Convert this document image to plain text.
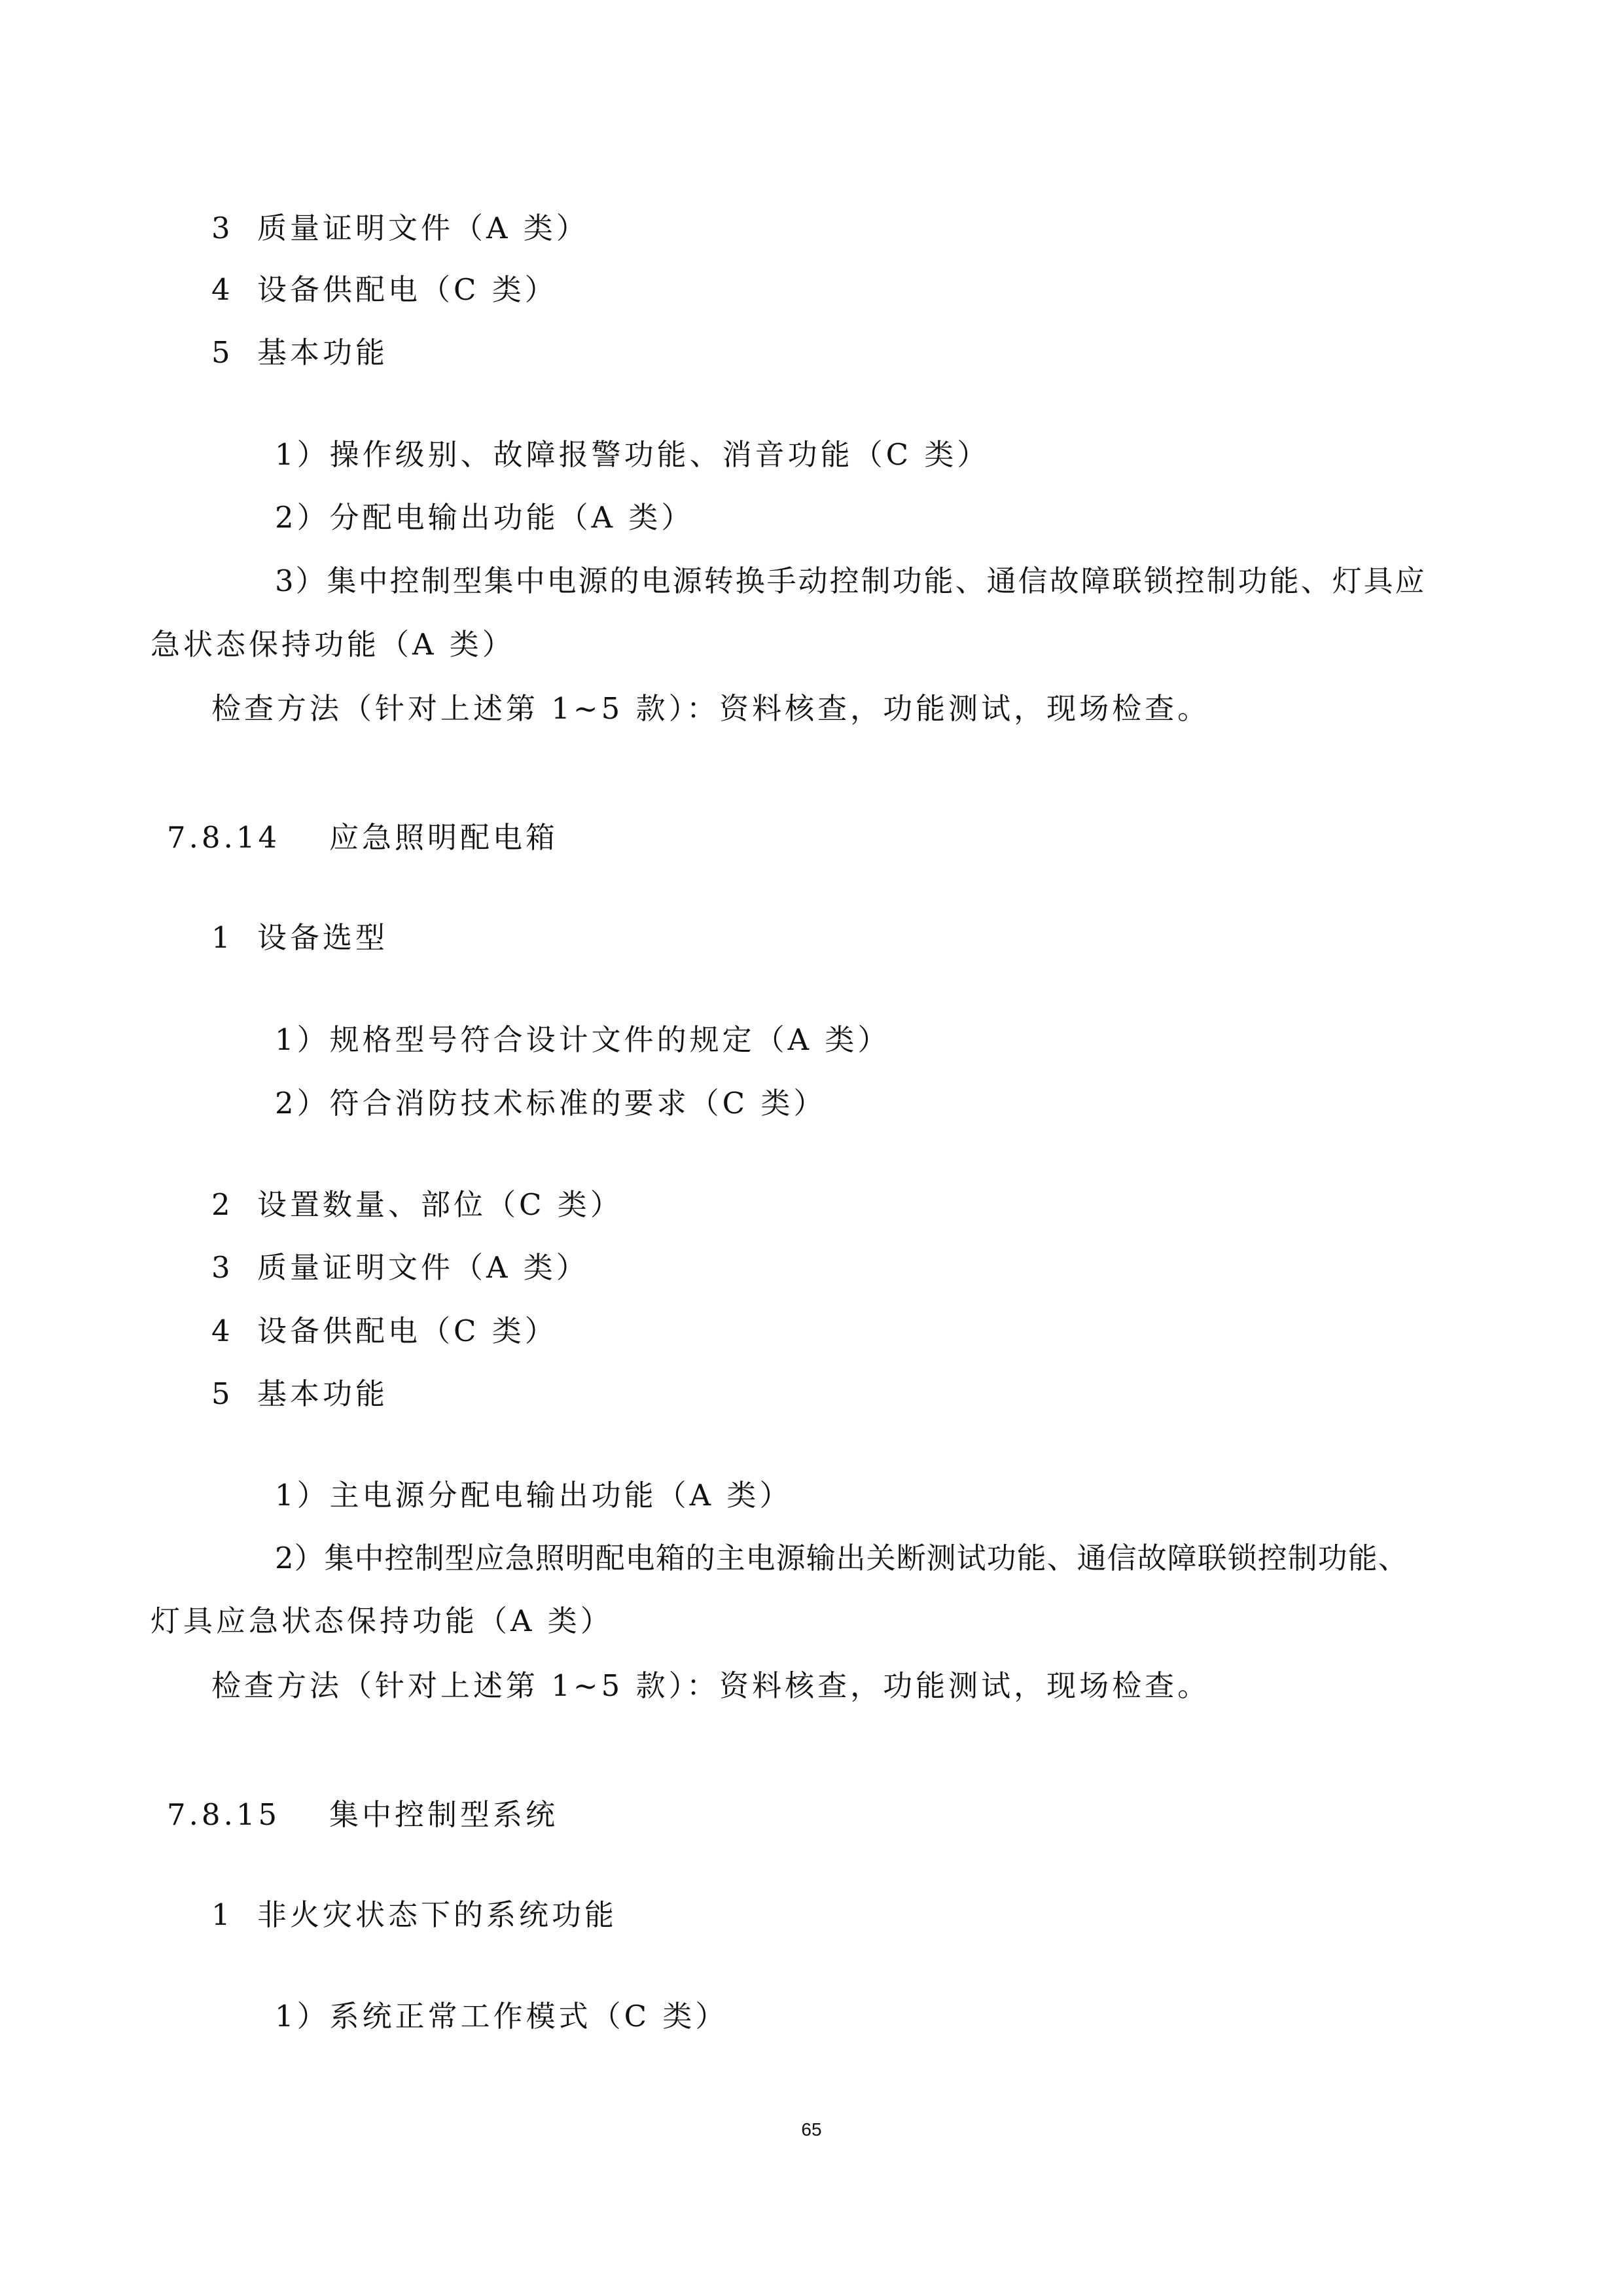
3 质量证明文件（A 类）
4 设备供配电（C 类）
5 基本功能
1）操作级别、故障报警功能、消音功能（C 类）
2）分配电输出功能（A 类）
3）集中控制型集中电源的电源转换手动控制功能、通信故障联锁控制功能、灯具应
急状态保持功能（A 类）
检查方法（针对上述第 1~5 款）：资料核查，功能测试，现场检查。
7.8.14 应急照明配电箱
1 设备选型
1）规格型号符合设计文件的规定（A 类）
2）符合消防技术标准的要求（C 类）
2 设置数量、部位（C 类）
3 质量证明文件（A 类）
4 设备供配电（C 类）
5 基本功能
1）主电源分配电输出功能（A 类）
2）集中控制型应急照明配电箱的主电源输出关断测试功能、通信故障联锁控制功能、
灯具应急状态保持功能（A 类）
检查方法（针对上述第 1~5 款）：资料核查，功能测试，现场检查。
7.8.15 集中控制型系统
1 非火灾状态下的系统功能
1）系统正常工作模式（C 类）
65
